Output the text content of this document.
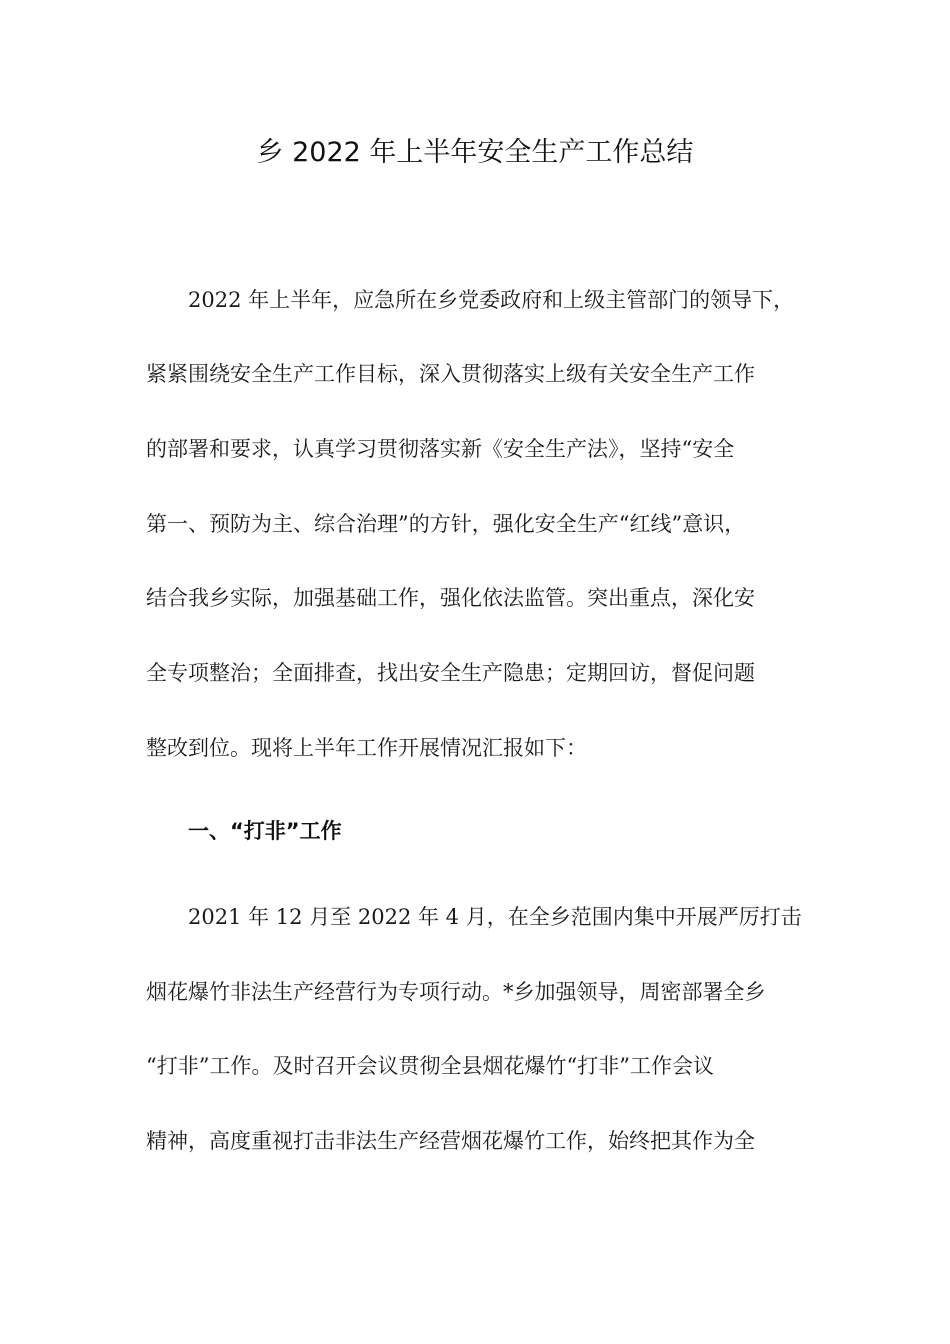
乡 2022 年上半年安全生产工作总结
2022 年上半年，应急所在乡党委政府和上级主管部门的领导下，
紧紧围绕安全生产工作目标，深入贯彻落实上级有关安全生产工作
的部署和要求，认真学习贯彻落实新《安全生产法》，坚持“安全
第一、预防为主、综合治理”的方针，强化安全生产“红线”意识，
结合我乡实际，加强基础工作，强化依法监管。突出重点，深化安
全专项整治；全面排查，找出安全生产隐患；定期回访，督促问题
整改到位。现将上半年工作开展情况汇报如下：
一、“打非”工作
2021 年 12 月至 2022 年 4 月，在全乡范围内集中开展严厉打击
烟花爆竹非法生产经营行为专项行动。*乡加强领导，周密部署全乡
“打非”工作。及时召开会议贯彻全县烟花爆竹“打非”工作会议
精神，高度重视打击非法生产经营烟花爆竹工作，始终把其作为全
